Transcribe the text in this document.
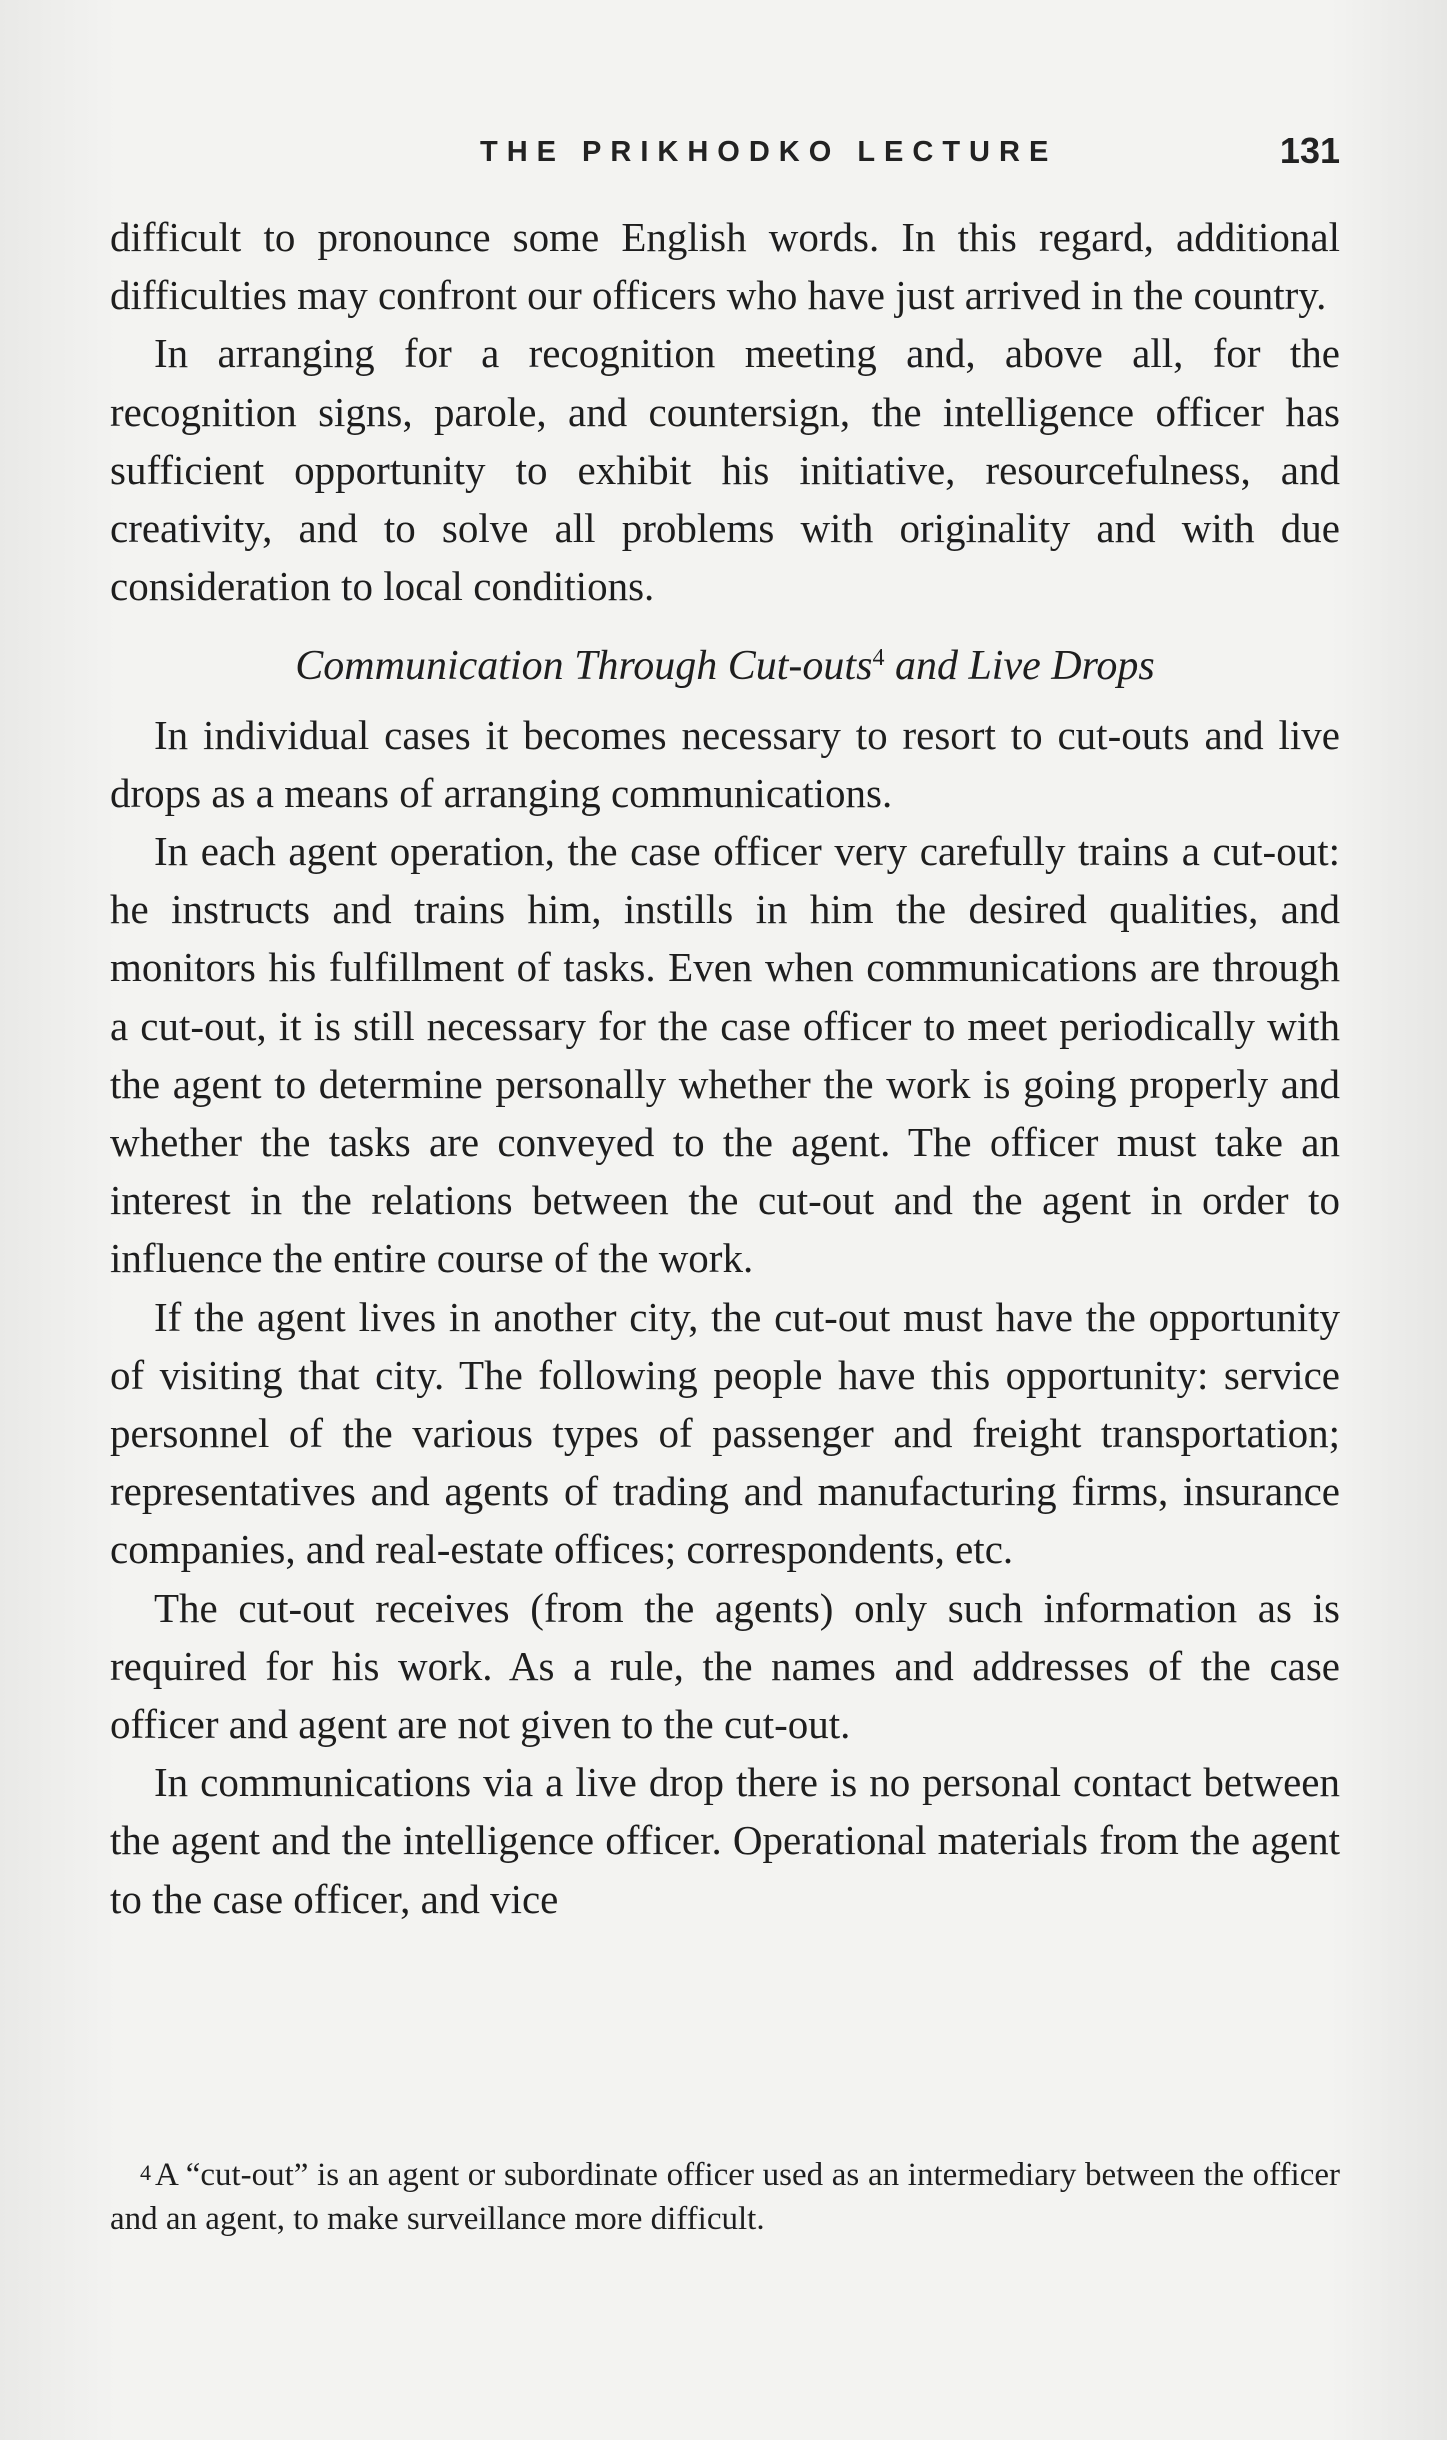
THE PRIKHODKO LECTURE	131

difficult to pronounce some English words. In this regard, additional difficulties may confront our officers who have just arrived in the country.

In arranging for a recognition meeting and, above all, for the recognition signs, parole, and countersign, the intelligence officer has sufficient opportunity to exhibit his initiative, resourcefulness, and creativity, and to solve all problems with originality and with due consideration to local conditions.

Communication Through Cut-outs$^4$ and Live Drops

In individual cases it becomes necessary to resort to cut-outs and live drops as a means of arranging communications.

In each agent operation, the case officer very carefully trains a cut-out: he instructs and trains him, instills in him the desired qualities, and monitors his fulfillment of tasks. Even when communications are through a cut-out, it is still necessary for the case officer to meet periodically with the agent to determine personally whether the work is going properly and whether the tasks are conveyed to the agent. The officer must take an interest in the relations between the cut-out and the agent in order to influence the entire course of the work.

If the agent lives in another city, the cut-out must have the opportunity of visiting that city. The following people have this opportunity: service personnel of the various types of passenger and freight transportation; representatives and agents of trading and manufacturing firms, insurance companies, and real-estate offices; correspondents, etc.

The cut-out receives (from the agents) only such information as is required for his work. As a rule, the names and addresses of the case officer and agent are not given to the cut-out.

In communications via a live drop there is no personal contact between the agent and the intelligence officer. Operational materials from the agent to the case officer, and vice

$^4$ A “cut-out” is an agent or subordinate officer used as an intermediary between the officer and an agent, to make surveillance more difficult.
